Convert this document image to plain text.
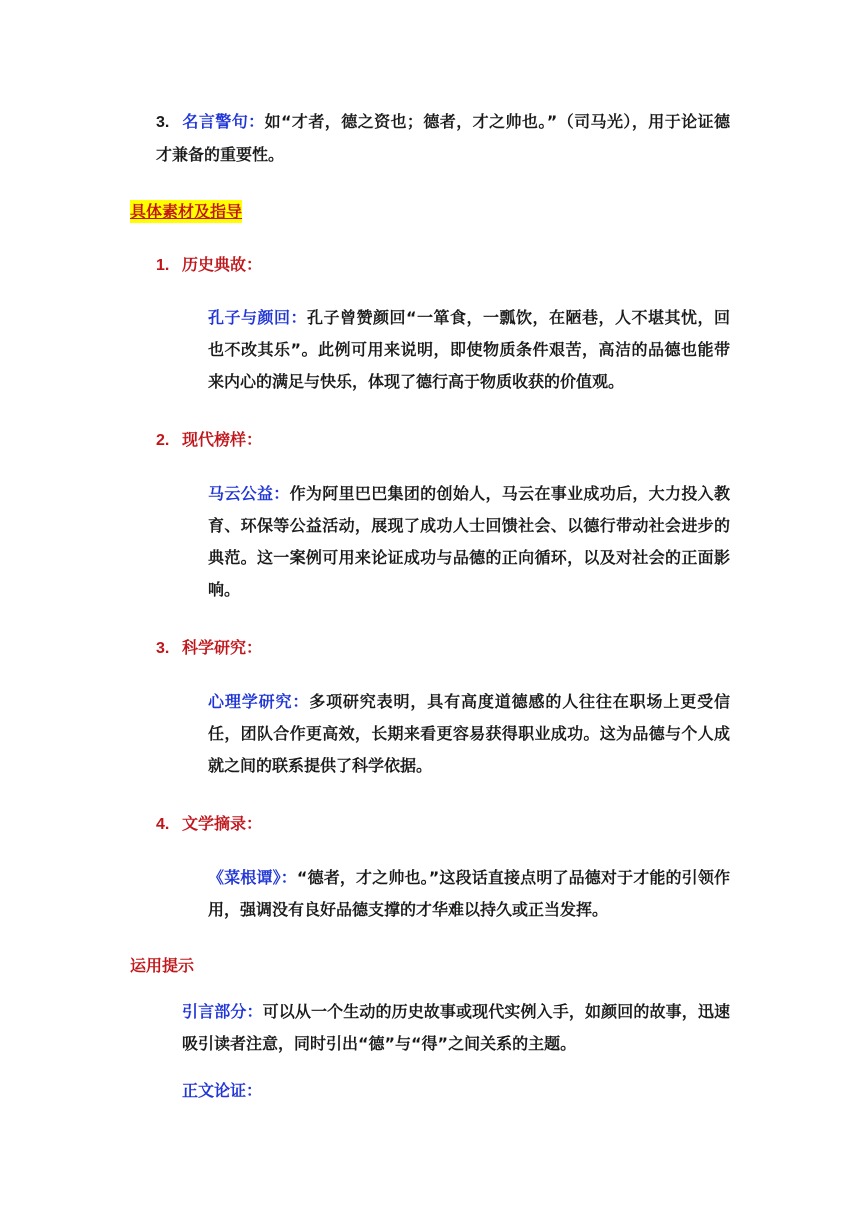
3. 名言警句：如“才者，德之资也；德者，才之帅也。”（司马光），用于论证德才兼备的重要性。
具体素材及指导
1. 历史典故：
孔子与颜回：孔子曾赞颜回“一箪食，一瓢饮，在陋巷，人不堪其忧，回也不改其乐”。此例可用来说明，即使物质条件艰苦，高洁的品德也能带来内心的满足与快乐，体现了德行高于物质收获的价值观。
2. 现代榜样：
马云公益：作为阿里巴巴集团的创始人，马云在事业成功后，大力投入教育、环保等公益活动，展现了成功人士回馈社会、以德行带动社会进步的典范。这一案例可用来论证成功与品德的正向循环，以及对社会的正面影响。
3. 科学研究：
心理学研究：多项研究表明，具有高度道德感的人往往在职场上更受信任，团队合作更高效，长期来看更容易获得职业成功。这为品德与个人成就之间的联系提供了科学依据。
4. 文学摘录：
《菜根谭》：“德者，才之帅也。”这段话直接点明了品德对于才能的引领作用，强调没有良好品德支撑的才华难以持久或正当发挥。
运用提示
引言部分：可以从一个生动的历史故事或现代实例入手，如颜回的故事，迅速吸引读者注意，同时引出“德”与“得”之间关系的主题。
正文论证：
